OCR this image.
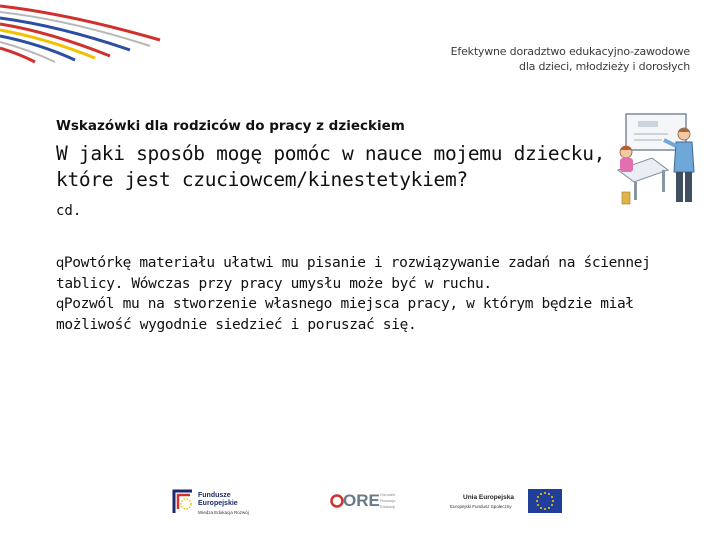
Efektywne doradztwo edukacyjno-zawodowe
dla dzieci, młodzieży i dorosłych
Wskazówki dla rodziców do pracy z dzieckiem
W jaki sposób mogę pomóc w nauce mojemu dziecku, które jest czuciowcem/kinestetykiem?
cd.
qPowtórkę materiału ułatwi mu pisanie i rozwiązywanie zadań na ściennej tablicy. Wówczas przy pracy umysłu może być w ruchu.
qPozwól mu na stworzenie własnego miejsca pracy, w którym będzie miał możliwość wygodnie siedzieć i poruszać się.
Fundusze
Europejskie
Wiedza Edukacja Rozwój
ORE Ośrodek
Rozwoju
Edukacji
Unia Europejska
Europejski Fundusz Społeczny
